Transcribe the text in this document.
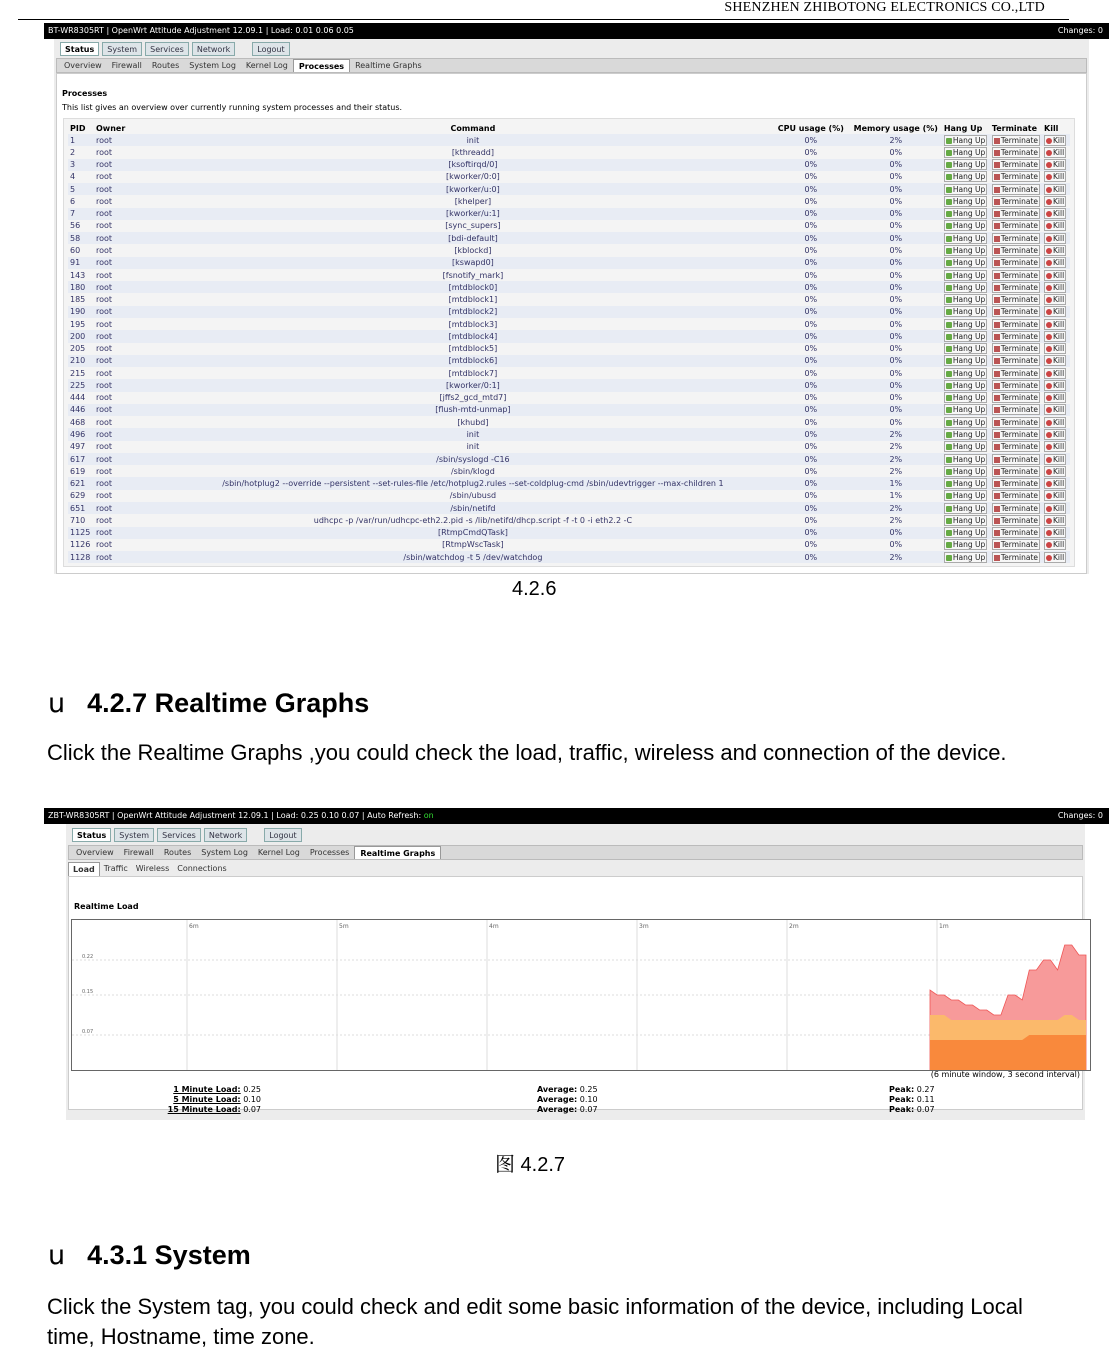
SHENZHEN ZHIBOTONG ELECTRONICS CO.,LTD
BT-WR8305RT | OpenWrt Attitude Adjustment 12.09.1 | Load: 0.01 0.06 0.05	Changes: 0
Status	System	Services	Network	Logout
Overview	Firewall	Routes	System Log	Kernel Log	Processes	Realtime Graphs
Processes
This list gives an overview over currently running system processes and their status.
PID	Owner	Command	CPU usage (%)	Memory usage (%)	Hang Up	Terminate	Kill
1	root	init	0%	2%	Hang Up	Terminate	Kill
2	root	[kthreadd]	0%	0%	Hang Up	Terminate	Kill
3	root	[ksoftirqd/0]	0%	0%	Hang Up	Terminate	Kill
4	root	[kworker/0:0]	0%	0%	Hang Up	Terminate	Kill
5	root	[kworker/u:0]	0%	0%	Hang Up	Terminate	Kill
6	root	[khelper]	0%	0%	Hang Up	Terminate	Kill
7	root	[kworker/u:1]	0%	0%	Hang Up	Terminate	Kill
56	root	[sync_supers]	0%	0%	Hang Up	Terminate	Kill
58	root	[bdi-default]	0%	0%	Hang Up	Terminate	Kill
60	root	[kblockd]	0%	0%	Hang Up	Terminate	Kill
91	root	[kswapd0]	0%	0%	Hang Up	Terminate	Kill
143	root	[fsnotify_mark]	0%	0%	Hang Up	Terminate	Kill
180	root	[mtdblock0]	0%	0%	Hang Up	Terminate	Kill
185	root	[mtdblock1]	0%	0%	Hang Up	Terminate	Kill
190	root	[mtdblock2]	0%	0%	Hang Up	Terminate	Kill
195	root	[mtdblock3]	0%	0%	Hang Up	Terminate	Kill
200	root	[mtdblock4]	0%	0%	Hang Up	Terminate	Kill
205	root	[mtdblock5]	0%	0%	Hang Up	Terminate	Kill
210	root	[mtdblock6]	0%	0%	Hang Up	Terminate	Kill
215	root	[mtdblock7]	0%	0%	Hang Up	Terminate	Kill
225	root	[kworker/0:1]	0%	0%	Hang Up	Terminate	Kill
444	root	[jffs2_gcd_mtd7]	0%	0%	Hang Up	Terminate	Kill
446	root	[flush-mtd-unmap]	0%	0%	Hang Up	Terminate	Kill
468	root	[khubd]	0%	0%	Hang Up	Terminate	Kill
496	root	init	0%	2%	Hang Up	Terminate	Kill
497	root	init	0%	2%	Hang Up	Terminate	Kill
617	root	/sbin/syslogd -C16	0%	2%	Hang Up	Terminate	Kill
619	root	/sbin/klogd	0%	2%	Hang Up	Terminate	Kill
621	root	/sbin/hotplug2 --override --persistent --set-rules-file /etc/hotplug2.rules --set-coldplug-cmd /sbin/udevtrigger --max-children 1	0%	1%	Hang Up	Terminate	Kill
629	root	/sbin/ubusd	0%	1%	Hang Up	Terminate	Kill
651	root	/sbin/netifd	0%	2%	Hang Up	Terminate	Kill
710	root	udhcpc -p /var/run/udhcpc-eth2.2.pid -s /lib/netifd/dhcp.script -f -t 0 -i eth2.2 -C	0%	2%	Hang Up	Terminate	Kill
1125	root	[RtmpCmdQTask]	0%	0%	Hang Up	Terminate	Kill
1126	root	[RtmpWscTask]	0%	0%	Hang Up	Terminate	Kill
1128	root	/sbin/watchdog -t 5 /dev/watchdog	0%	2%	Hang Up	Terminate	Kill
4.2.6
u 4.2.7 Realtime Graphs
Click the Realtime Graphs ,you could check the load, traffic, wireless and connection of the device.
ZBT-WR8305RT | OpenWrt Attitude Adjustment 12.09.1 | Load: 0.25 0.10 0.07 | Auto Refresh: on	Changes: 0
Status	System	Services	Network	Logout
Overview	Firewall	Routes	System Log	Kernel Log	Processes	Realtime Graphs
Load	Traffic	Wireless	Connections
Realtime Load
6m	5m	4m	3m	2m	1m
0.22
0.15
0.07
(6 minute window, 3 second interval)
1 Minute Load: 0.25	Average: 0.25	Peak: 0.27
5 Minute Load: 0.10	Average: 0.10	Peak: 0.11
15 Minute Load: 0.07	Average: 0.07	Peak: 0.07
图 4.2.7
u 4.3.1 System
Click the System tag, you could check and edit some basic information of the device, including Local time, Hostname, time zone.
